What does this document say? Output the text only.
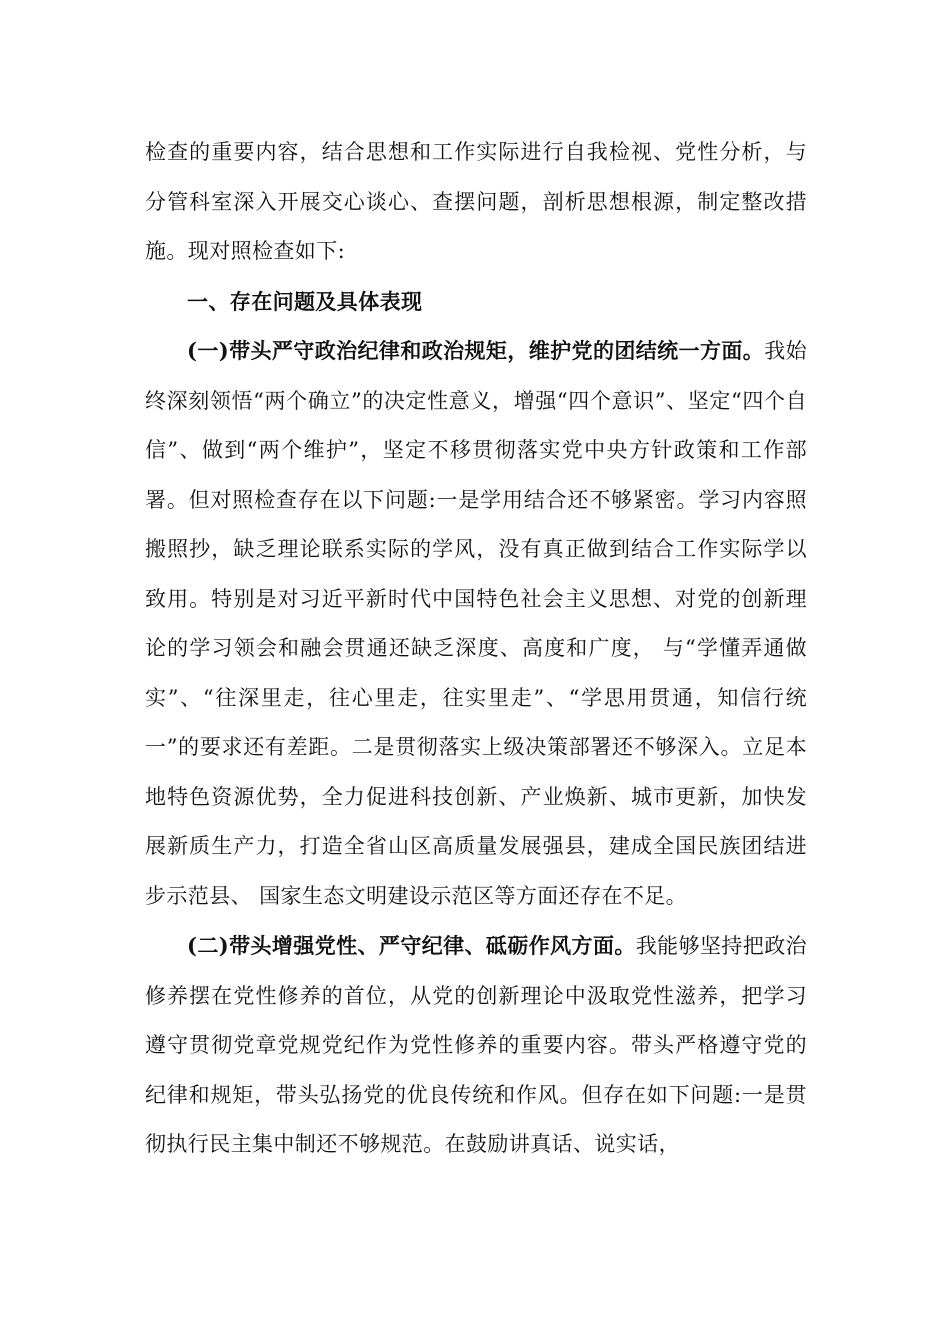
检查的重要内容，结合思想和工作实际进行自我检视、党性分析，与分管科室深入开展交心谈心、查摆问题，剖析思想根源，制定整改措施。现对照检查如下:

一、存在问题及具体表现

(一)带头严守政治纪律和政治规矩，维护党的团结统一方面。我始终深刻领悟“两个确立”的决定性意义，增强“四个意识”、坚定“四个自信”、做到“两个维护”，坚定不移贯彻落实党中央方针政策和工作部署。但对照检查存在以下问题:一是学用结合还不够紧密。学习内容照搬照抄，缺乏理论联系实际的学风，没有真正做到结合工作实际学以致用。特别是对习近平新时代中国特色社会主义思想、对党的创新理论的学习领会和融会贯通还缺乏深度、高度和广度， 与“学懂弄通做实”、“往深里走，往心里走，往实里走”、“学思用贯通，知信行统一”的要求还有差距。二是贯彻落实上级决策部署还不够深入。立足本地特色资源优势，全力促进科技创新、产业焕新、城市更新，加快发展新质生产力，打造全省山区高质量发展强县，建成全国民族团结进步示范县、 国家生态文明建设示范区等方面还存在不足。

(二)带头增强党性、严守纪律、砥砺作风方面。我能够坚持把政治修养摆在党性修养的首位，从党的创新理论中汲取党性滋养，把学习遵守贯彻党章党规党纪作为党性修养的重要内容。带头严格遵守党的纪律和规矩，带头弘扬党的优良传统和作风。但存在如下问题:一是贯彻执行民主集中制还不够规范。在鼓励讲真话、说实话，
